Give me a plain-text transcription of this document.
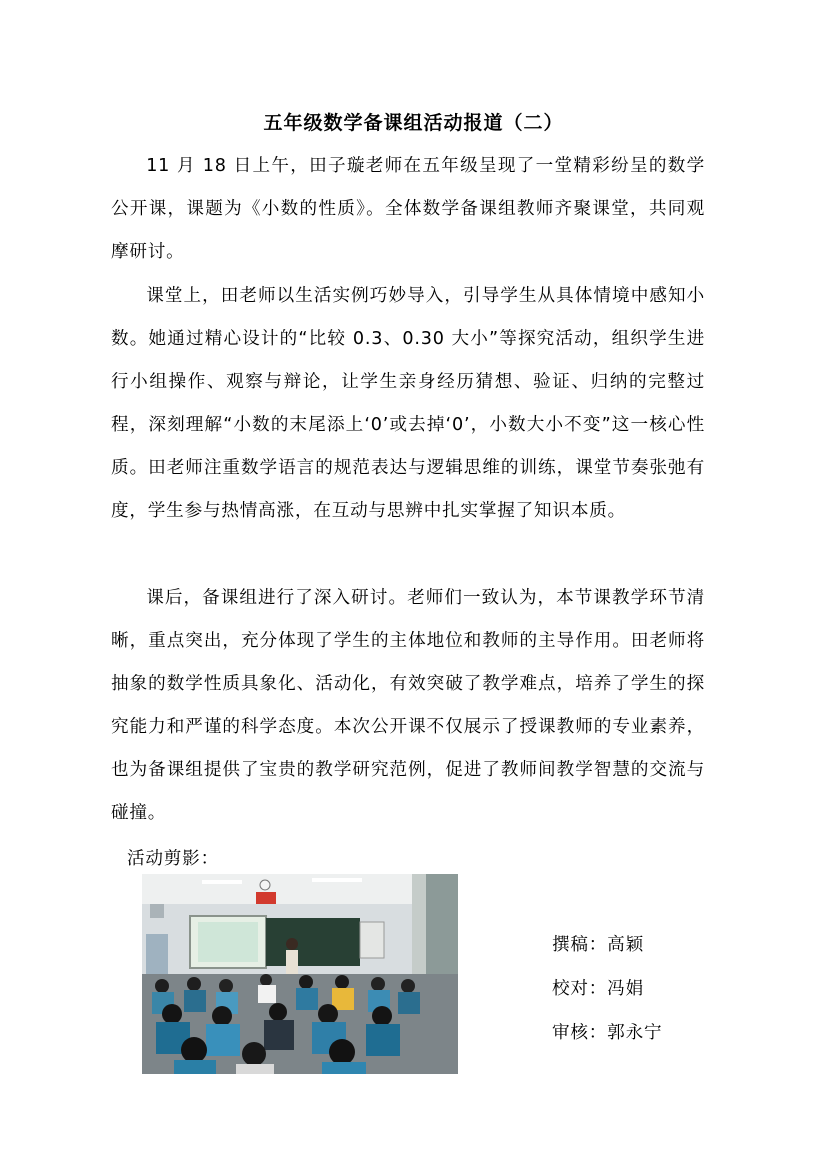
五年级数学备课组活动报道（二）

11 月 18 日上午，田子璇老师在五年级呈现了一堂精彩纷呈的数学公开课，课题为《小数的性质》。全体数学备课组教师齐聚课堂，共同观摩研讨。

课堂上，田老师以生活实例巧妙导入，引导学生从具体情境中感知小数。她通过精心设计的“比较 0.3、0.30 大小”等探究活动，组织学生进行小组操作、观察与辩论，让学生亲身经历猜想、验证、归纳的完整过程，深刻理解“小数的末尾添上‘0’或去掉‘0’，小数大小不变”这一核心性质。田老师注重数学语言的规范表达与逻辑思维的训练，课堂节奏张弛有度，学生参与热情高涨，在互动与思辨中扎实掌握了知识本质。

课后，备课组进行了深入研讨。老师们一致认为，本节课教学环节清晰，重点突出，充分体现了学生的主体地位和教师的主导作用。田老师将抽象的数学性质具象化、活动化，有效突破了教学难点，培养了学生的探究能力和严谨的科学态度。本次公开课不仅展示了授课教师的专业素养，也为备课组提供了宝贵的教学研究范例，促进了教师间教学智慧的交流与碰撞。

活动剪影：
撰稿：高颖
校对：冯娟
审核：郭永宁
